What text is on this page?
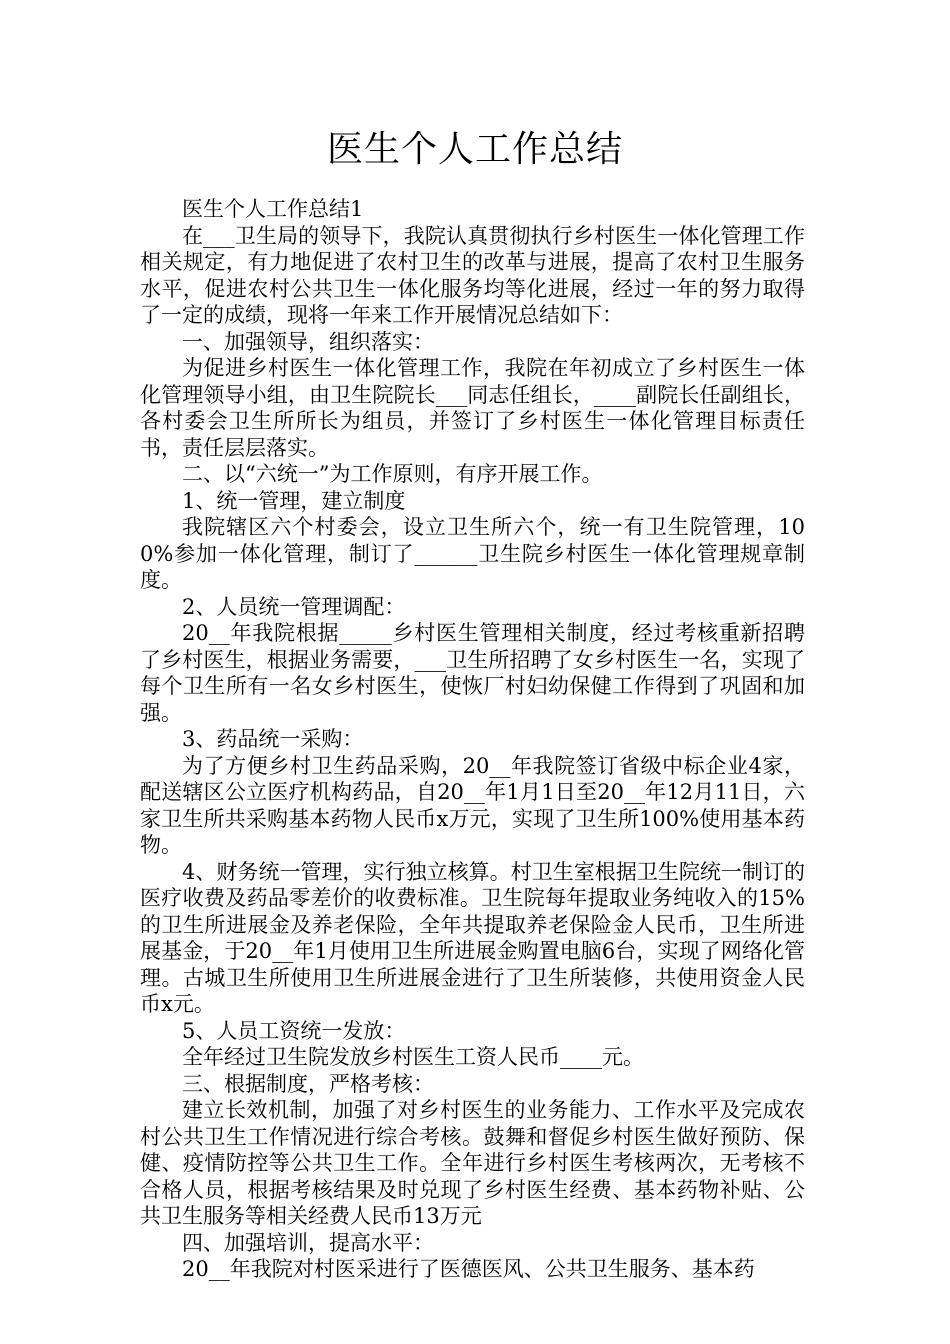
医生个人工作总结

医生个人工作总结1

在___卫生局的领导下，我院认真贯彻执行乡村医生一体化管理工作相关规定，有力地促进了农村卫生的改革与进展，提高了农村卫生服务水平，促进农村公共卫生一体化服务均等化进展，经过一年的努力取得了一定的成绩，现将一年来工作开展情况总结如下：

一、加强领导，组织落实：

为促进乡村医生一体化管理工作，我院在年初成立了乡村医生一体化管理领导小组，由卫生院院长___同志任组长，____副院长任副组长，各村委会卫生所所长为组员，并签订了乡村医生一体化管理目标责任书，责任层层落实。

二、以“六统一”为工作原则，有序开展工作。

1、统一管理，建立制度

我院辖区六个村委会，设立卫生所六个，统一有卫生院管理，100%参加一体化管理，制订了______卫生院乡村医生一体化管理规章制度。

2、人员统一管理调配：

20__年我院根据_____乡村医生管理相关制度，经过考核重新招聘了乡村医生，根据业务需要，___卫生所招聘了女乡村医生一名，实现了每个卫生所有一名女乡村医生，使恢厂村妇幼保健工作得到了巩固和加强。

3、药品统一采购：

为了方便乡村卫生药品采购，20__年我院签订省级中标企业4家，配送辖区公立医疗机构药品，自20__年1月1日至20__年12月11日，六家卫生所共采购基本药物人民币x万元，实现了卫生所100%使用基本药物。

4、财务统一管理，实行独立核算。村卫生室根据卫生院统一制订的医疗收费及药品零差价的收费标准。卫生院每年提取业务纯收入的15%的卫生所进展金及养老保险，全年共提取养老保险金人民币，卫生所进展基金，于20__年1月使用卫生所进展金购置电脑6台，实现了网络化管理。古城卫生所使用卫生所进展金进行了卫生所装修，共使用资金人民币x元。

5、人员工资统一发放：

全年经过卫生院发放乡村医生工资人民币____元。

三、根据制度，严格考核：

建立长效机制，加强了对乡村医生的业务能力、工作水平及完成农村公共卫生工作情况进行综合考核。鼓舞和督促乡村医生做好预防、保健、疫情防控等公共卫生工作。全年进行乡村医生考核两次，无考核不合格人员，根据考核结果及时兑现了乡村医生经费、基本药物补贴、公共卫生服务等相关经费人民币13万元

四、加强培训，提高水平：

20__年我院对村医采进行了医德医风、公共卫生服务、基本药
